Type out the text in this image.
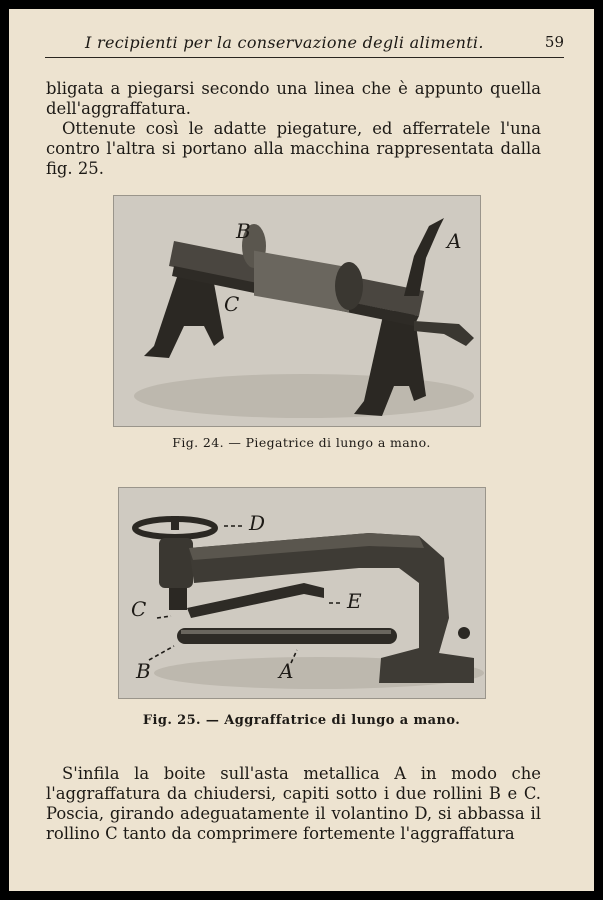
I recipienti per la conservazione degli alimenti.	59

bligata a piegarsi secondo una linea che è appunto quella dell'aggraffatura.

Ottenute così le adatte piegature, ed afferratele l'una contro l'altra si portano alla macchina rappresentata dalla fig. 25.

B	A
C
Fig. 24. — Piegatrice di lungo a mano.
D
C	E
B	A
Fig. 25. — Aggraffatrice di lungo a mano.

S'infila la boite sull'asta metallica A in modo che l'aggraffatura da chiudersi, capiti sotto i due rollini B e C. Poscia, girando adeguatamente il volantino D, si abbassa il rollino C tanto da comprimere fortemente l'aggraffatura
